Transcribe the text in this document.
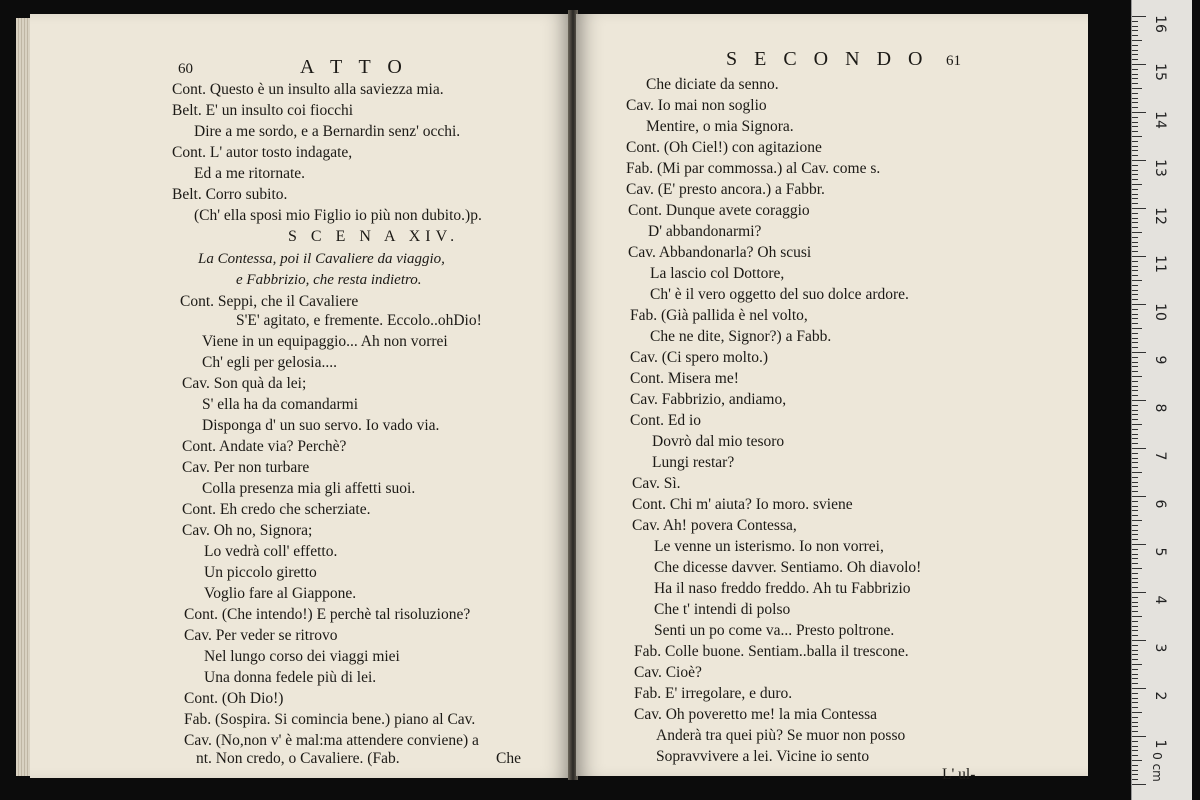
60	A T T O
Cont. Questo è un insulto alla saviezza mia.
Belt. E' un insulto coi fiocchi
Dire a me sordo, e a Bernardin senz' occhi.
Cont. L' autor tosto indagate,
Ed a me ritornate.
Belt. Corro subito.
(Ch' ella sposi mio Figlio io più non dubito.)p.
S C E N A XIV.
La Contessa, poi il Cavaliere da viaggio,
e Fabbrizio, che resta indietro.
Cont. Seppi, che il Cavaliere
S'E' agitato, e fremente. Eccolo..ohDio!
Viene in un equipaggio... Ah non vorrei
Ch' egli per gelosia....
Cav. Son quà da lei;
S' ella ha da comandarmi
Disponga d' un suo servo. Io vado via.
Cont. Andate via? Perchè?
Cav. Per non turbare
Colla presenza mia gli affetti suoi.
Cont. Eh credo che scherziate.
Cav. Oh no, Signora;
Lo vedrà coll' effetto.
Un piccolo giretto
Voglio fare al Giappone.
Cont. (Che intendo!) E perchè tal risoluzione?
Cav. Per veder se ritrovo
Nel lungo corso dei viaggi miei
Una donna fedele più di lei.
Cont. (Oh Dio!)
Fab. (Sospira. Si comincia bene.) piano al Cav.
Cav. (No,non v' è mal:ma attendere conviene) a
nt. Non credo, o Cavaliere. (Fab.	Che
S E C O N D O 61
Che diciate da senno.
Cav. Io mai non soglio
Mentire, o mia Signora.
Cont. (Oh Ciel!) con agitazione
Fab. (Mi par commossa.) al Cav. come s.
Cav. (E' presto ancora.) a Fabbr.
Cont. Dunque avete coraggio
D' abbandonarmi?
Cav. Abbandonarla? Oh scusi
La lascio col Dottore,
Ch' è il vero oggetto del suo dolce ardore.
Fab. (Già pallida è nel volto,
Che ne dite, Signor?) a Fabb.
Cav. (Ci spero molto.)
Cont. Misera me!
Cav. Fabbrizio, andiamo,
Cont. Ed io
Dovrò dal mio tesoro
Lungi restar?
Cav. Sì.
Cont. Chi m' aiuta? Io moro. sviene
Cav. Ah! povera Contessa,
Le venne un isterismo. Io non vorrei,
Che dicesse davver. Sentiamo. Oh diavolo!
Ha il naso freddo freddo. Ah tu Fabbrizio
Che t' intendi di polso
Senti un po come va... Presto poltrone.
Fab. Colle buone. Sentiam..balla il trescone.
Cav. Cioè?
Fab. E' irregolare, e duro.
Cav. Oh poveretto me! la mia Contessa
Anderà tra quei più? Se muor non posso
Sopravvivere a lei. Vicine io sento
L' ul-
1
2
3
4
5
6
7
8
9
10
11
12
13
14
15
16
0 cm
